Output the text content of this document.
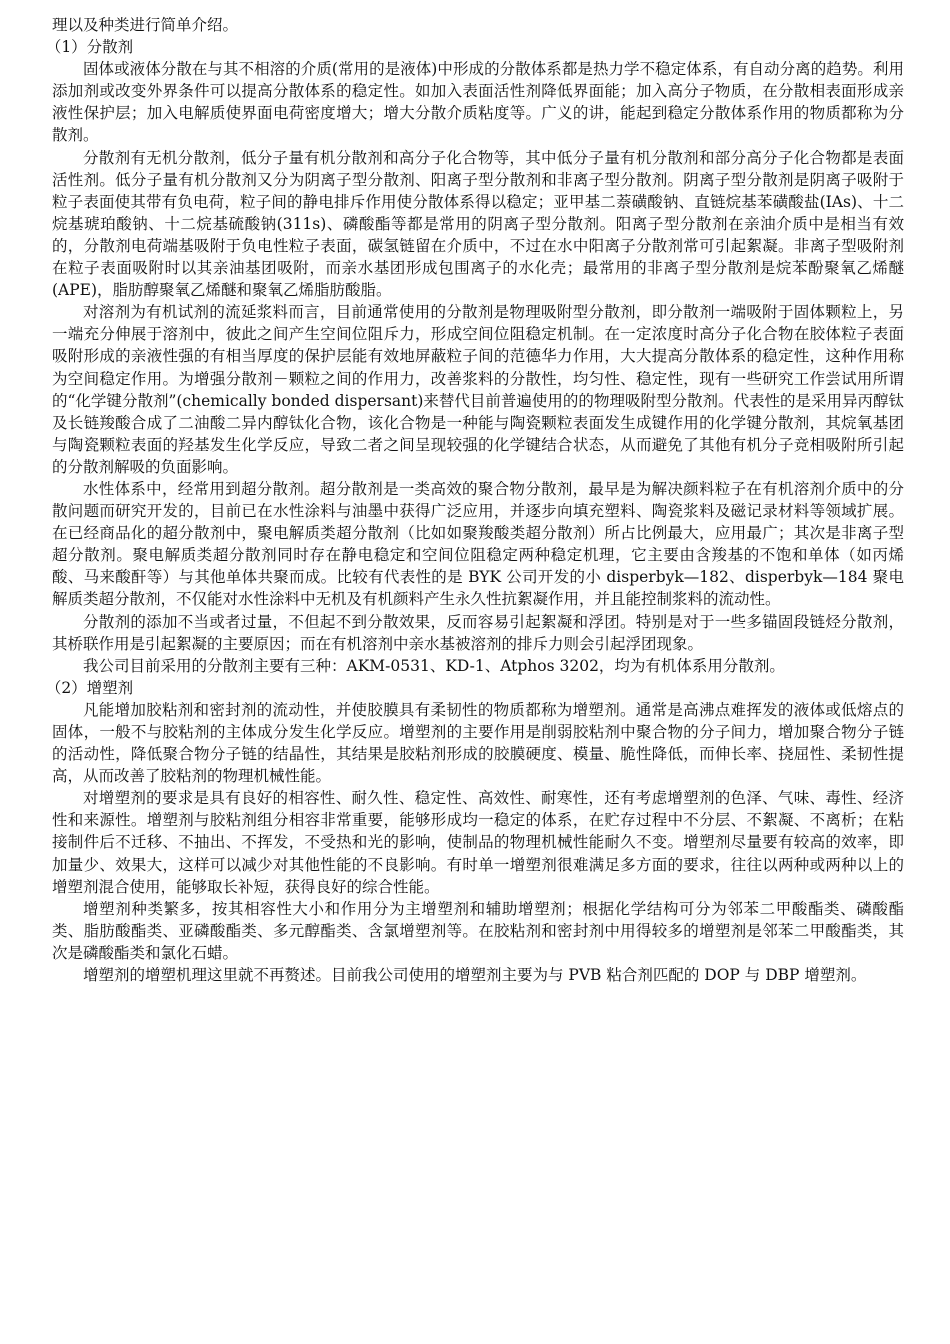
理以及种类进行简单介绍。

（1）分散剂

固体或液体分散在与其不相溶的介质(常用的是液体)中形成的分散体系都是热力学不稳定体系，有自动分离的趋势。利用添加剂或改变外界条件可以提高分散体系的稳定性。如加入表面活性剂降低界面能；加入高分子物质，在分散相表面形成亲液性保护层；加入电解质使界面电荷密度增大；增大分散介质粘度等。广义的讲，能起到稳定分散体系作用的物质都称为分散剂。

分散剂有无机分散剂，低分子量有机分散剂和高分子化合物等，其中低分子量有机分散剂和部分高分子化合物都是表面活性剂。低分子量有机分散剂又分为阴离子型分散剂、阳离子型分散剂和非离子型分散剂。阴离子型分散剂是阴离子吸附于粒子表面使其带有负电荷，粒子间的静电排斥作用使分散体系得以稳定；亚甲基二萘磺酸钠、直链烷基苯磺酸盐(IAs)、十二烷基琥珀酸钠、十二烷基硫酸钠(311s)、磷酸酯等都是常用的阴离子型分散剂。阳离子型分散剂在亲油介质中是相当有效的，分散剂电荷端基吸附于负电性粒子表面，碳氢链留在介质中，不过在水中阳离子分散剂常可引起絮凝。非离子型吸附剂在粒子表面吸附时以其亲油基团吸附，而亲水基团形成包围离子的水化壳；最常用的非离子型分散剂是烷苯酚聚氧乙烯醚(APE)，脂肪醇聚氧乙烯醚和聚氧乙烯脂肪酸脂。

对溶剂为有机试剂的流延浆料而言，目前通常使用的分散剂是物理吸附型分散剂，即分散剂一端吸附于固体颗粒上，另一端充分伸展于溶剂中，彼此之间产生空间位阻斥力，形成空间位阻稳定机制。在一定浓度时高分子化合物在胶体粒子表面吸附形成的亲液性强的有相当厚度的保护层能有效地屏蔽粒子间的范德华力作用，大大提高分散体系的稳定性，这种作用称为空间稳定作用。为增强分散剂－颗粒之间的作用力，改善浆料的分散性，均匀性、稳定性，现有一些研究工作尝试用所谓的“化学键分散剂”(chemically bonded dispersant)来替代目前普遍使用的的物理吸附型分散剂。代表性的是采用异丙醇钛及长链羧酸合成了二油酸二异内醇钛化合物，该化合物是一种能与陶瓷颗粒表面发生成键作用的化学键分散剂，其烷氧基团与陶瓷颗粒表面的羟基发生化学反应，导致二者之间呈现较强的化学键结合状态，从而避免了其他有机分子竞相吸附所引起的分散剂解吸的负面影响。

水性体系中，经常用到超分散剂。超分散剂是一类高效的聚合物分散剂，最早是为解决颜料粒子在有机溶剂介质中的分散问题而研究开发的，目前已在水性涂料与油墨中获得广泛应用，并逐步向填充塑料、陶瓷浆料及磁记录材料等领域扩展。在已经商品化的超分散剂中，聚电解质类超分散剂（比如如聚羧酸类超分散剂）所占比例最大，应用最广；其次是非离子型超分散剂。聚电解质类超分散剂同时存在静电稳定和空间位阻稳定两种稳定机理，它主要由含羧基的不饱和单体（如丙烯酸、马来酸酐等）与其他单体共聚而成。比较有代表性的是 BYK 公司开发的小 disperbyk—182、disperbyk—184 聚电解质类超分散剂，不仅能对水性涂料中无机及有机颜料产生永久性抗絮凝作用，并且能控制浆料的流动性。

分散剂的添加不当或者过量，不但起不到分散效果，反而容易引起絮凝和浮团。特别是对于一些多锚固段链烃分散剂，其桥联作用是引起絮凝的主要原因；而在有机溶剂中亲水基被溶剂的排斥力则会引起浮团现象。

我公司目前采用的分散剂主要有三种：AKM-0531、KD-1、Atphos 3202，均为有机体系用分散剂。

（2）增塑剂

凡能增加胶粘剂和密封剂的流动性，并使胶膜具有柔韧性的物质都称为增塑剂。通常是高沸点难挥发的液体或低熔点的固体，一般不与胶粘剂的主体成分发生化学反应。增塑剂的主要作用是削弱胶粘剂中聚合物的分子间力，增加聚合物分子链的活动性，降低聚合物分子链的结晶性，其结果是胶粘剂形成的胶膜硬度、模量、脆性降低，而伸长率、挠屈性、柔韧性提高，从而改善了胶粘剂的物理机械性能。

对增塑剂的要求是具有良好的相容性、耐久性、稳定性、高效性、耐寒性，还有考虑增塑剂的色泽、气味、毒性、经济性和来源性。增塑剂与胶粘剂组分相容非常重要，能够形成均一稳定的体系，在贮存过程中不分层、不絮凝、不离析；在粘接制件后不迁移、不抽出、不挥发，不受热和光的影响，使制品的物理机械性能耐久不变。增塑剂尽量要有较高的效率，即加量少、效果大，这样可以减少对其他性能的不良影响。有时单一增塑剂很难满足多方面的要求，往往以两种或两种以上的增塑剂混合使用，能够取长补短，获得良好的综合性能。

增塑剂种类繁多，按其相容性大小和作用分为主增塑剂和辅助增塑剂；根据化学结构可分为邻苯二甲酸酯类、磷酸酯类、脂肪酸酯类、亚磷酸酯类、多元醇酯类、含氯增塑剂等。在胶粘剂和密封剂中用得较多的增塑剂是邻苯二甲酸酯类，其次是磷酸酯类和氯化石蜡。

增塑剂的增塑机理这里就不再赘述。目前我公司使用的增塑剂主要为与 PVB 粘合剂匹配的 DOP 与 DBP 增塑剂。
